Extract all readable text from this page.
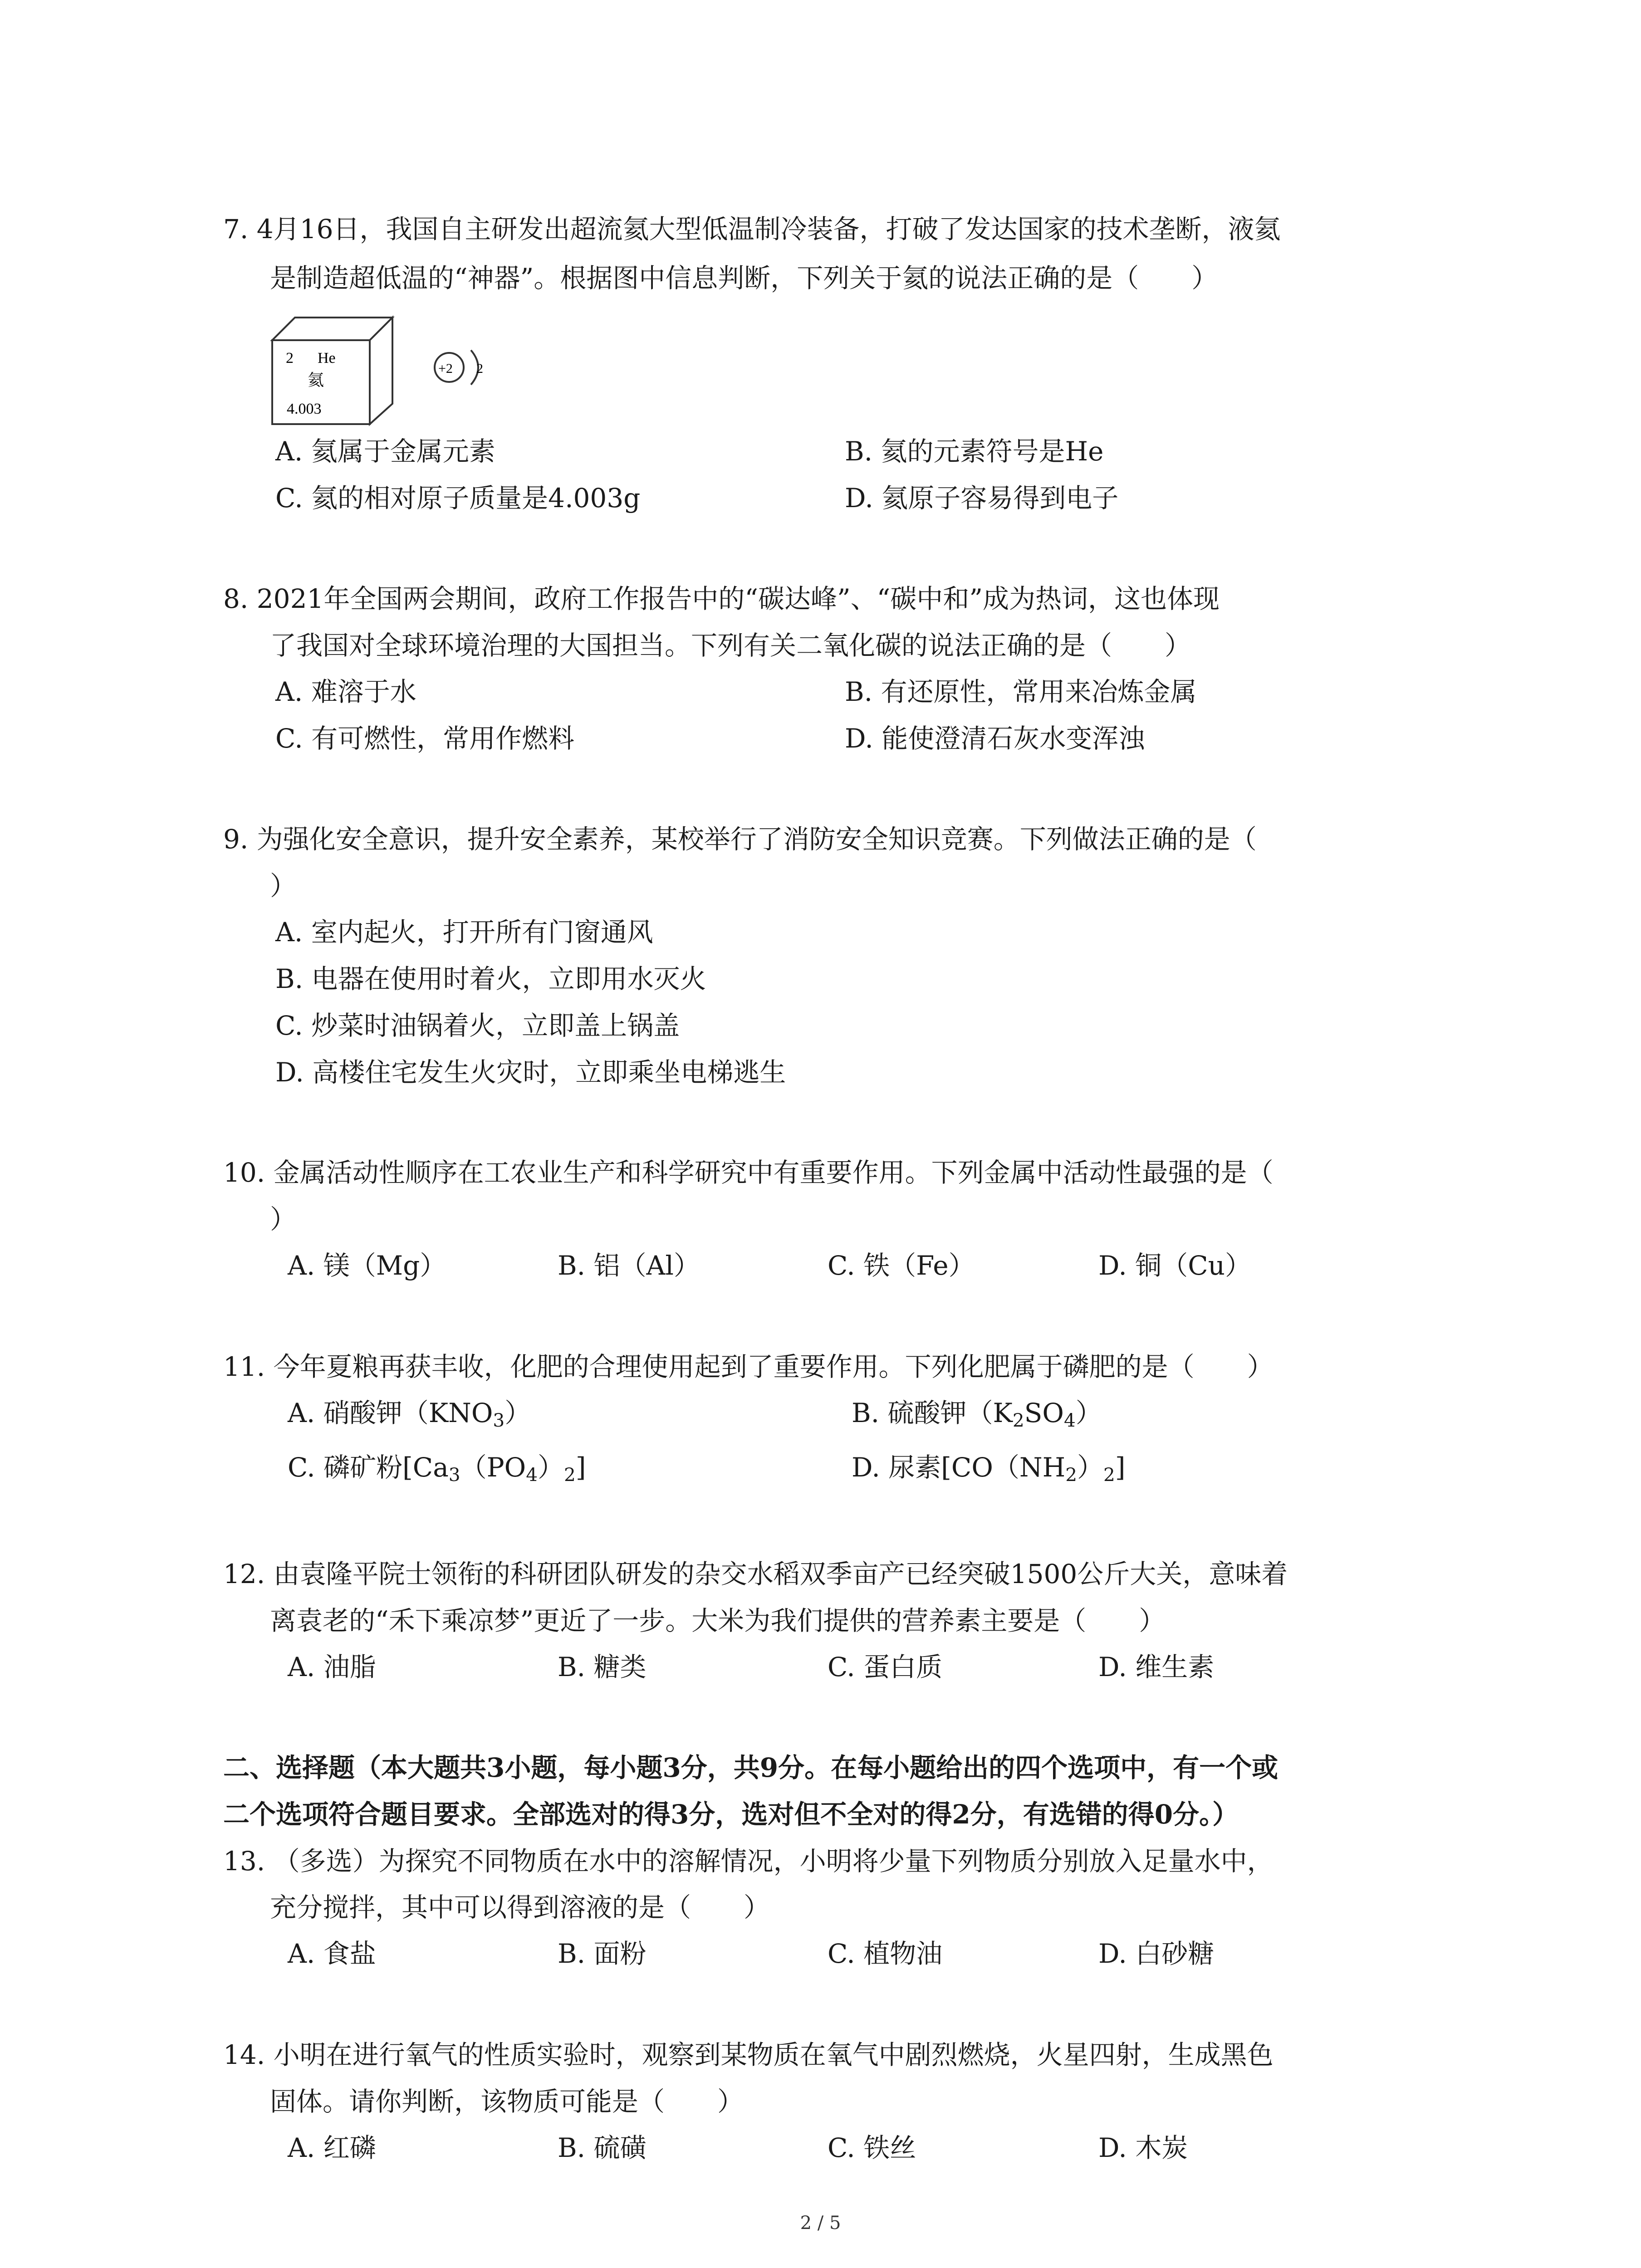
7. 4月16日，我国自主研发出超流氦大型低温制冷装备，打破了发达国家的技术垄断，液氦
是制造超低温的“神器”。根据图中信息判断，下列关于氦的说法正确的是（　　）
2 He
氦
4.003
+2 2
A. 氦属于金属元素	B. 氦的元素符号是He
C. 氦的相对原子质量是4.003g	D. 氦原子容易得到电子
8. 2021年全国两会期间，政府工作报告中的“碳达峰”、“碳中和”成为热词，这也体现
了我国对全球环境治理的大国担当。下列有关二氧化碳的说法正确的是（　　）
A. 难溶于水	B. 有还原性，常用来冶炼金属
C. 有可燃性，常用作燃料	D. 能使澄清石灰水变浑浊
9. 为强化安全意识，提升安全素养，某校举行了消防安全知识竞赛。下列做法正确的是（
）
A. 室内起火，打开所有门窗通风
B. 电器在使用时着火，立即用水灭火
C. 炒菜时油锅着火，立即盖上锅盖
D. 高楼住宅发生火灾时，立即乘坐电梯逃生
10. 金属活动性顺序在工农业生产和科学研究中有重要作用。下列金属中活动性最强的是（
）
A. 镁（Mg）	B. 铝（Al）	C. 铁（Fe）	D. 铜（Cu）
11. 今年夏粮再获丰收，化肥的合理使用起到了重要作用。下列化肥属于磷肥的是（　　）
A. 硝酸钾$(KNO_3)$	B. 硫酸钾$(K_2SO_4)$
C. 磷矿粉$[Ca_3(PO_4)_2]$	D. 尿素$[CO(NH_2)_2]$
12. 由袁隆平院士领衔的科研团队研发的杂交水稻双季亩产已经突破1500公斤大关，意味着
离袁老的“禾下乘凉梦”更近了一步。大米为我们提供的营养素主要是（　　）
A. 油脂	B. 糖类	C. 蛋白质	D. 维生素
二、选择题（本大题共3小题，每小题3分，共9分。在每小题给出的四个选项中，有一个或
二个选项符合题目要求。全部选对的得3分，选对但不全对的得2分，有选错的得0分。）
13. （多选）为探究不同物质在水中的溶解情况，小明将少量下列物质分别放入足量水中，
充分搅拌，其中可以得到溶液的是（　　）
A. 食盐	B. 面粉	C. 植物油	D. 白砂糖
14. 小明在进行氧气的性质实验时，观察到某物质在氧气中剧烈燃烧，火星四射，生成黑色
固体。请你判断，该物质可能是（　　）
A. 红磷	B. 硫磺	C. 铁丝	D. 木炭
2 / 5
